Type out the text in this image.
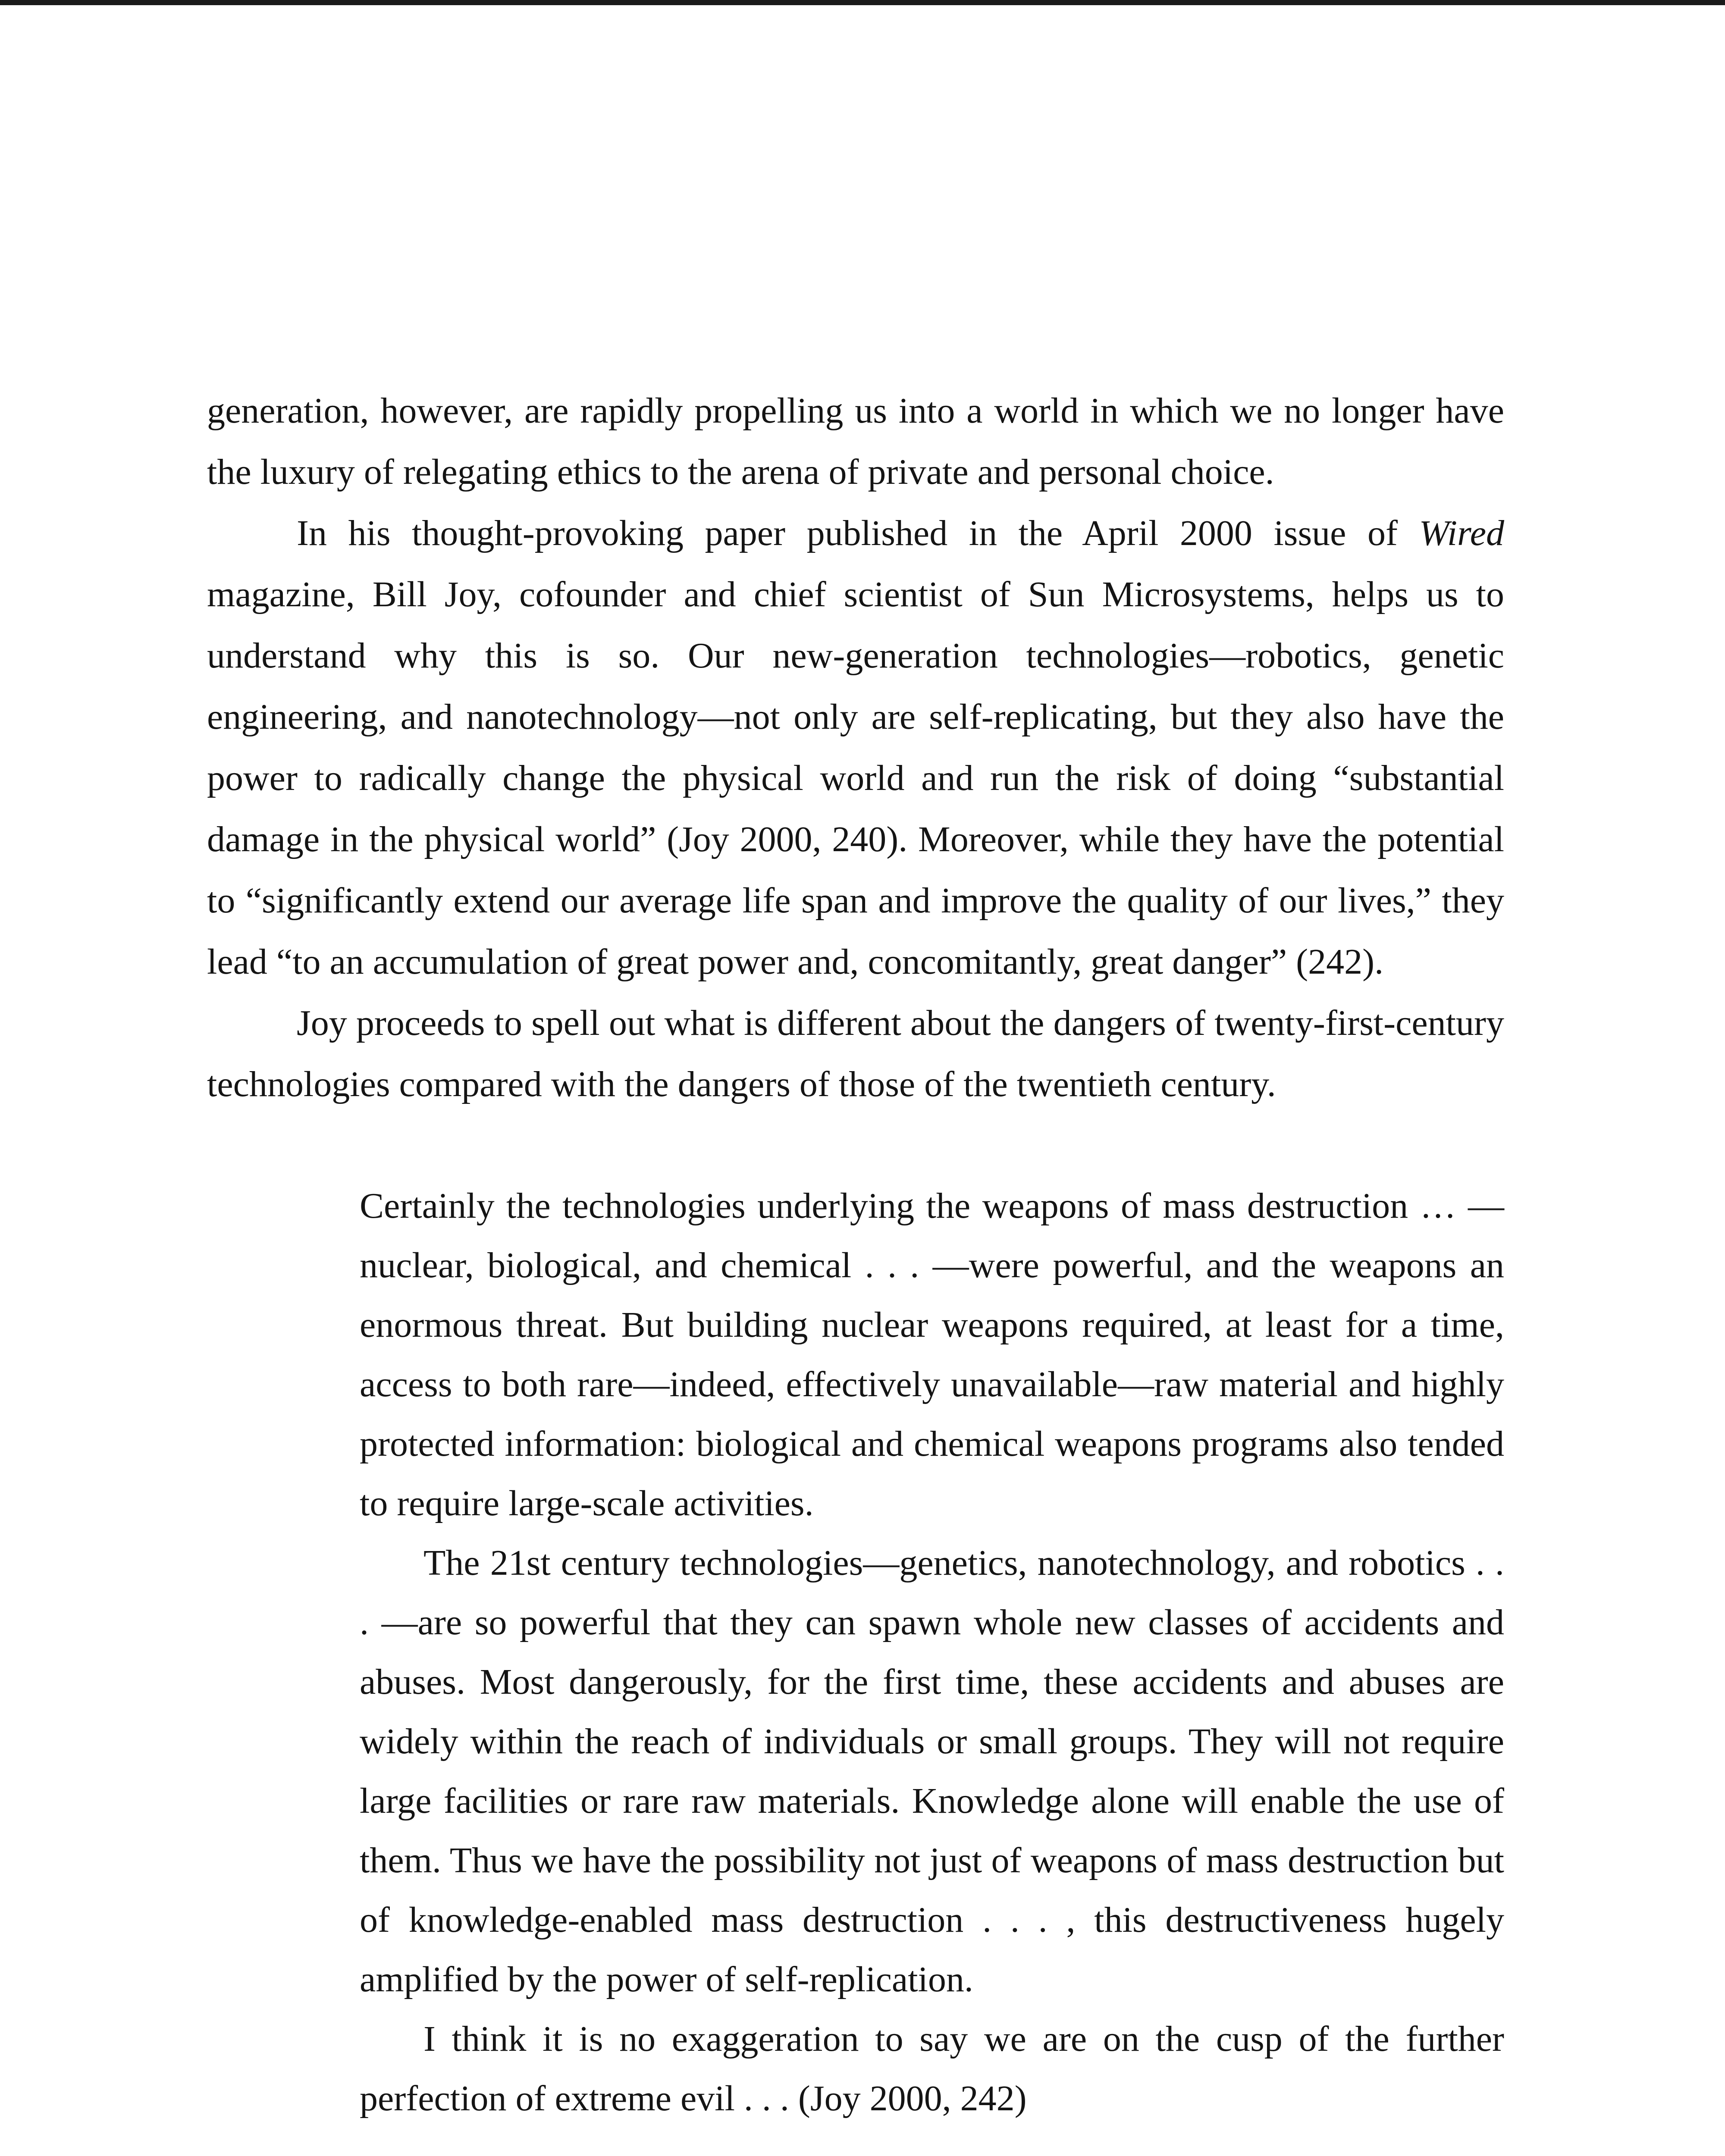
generation, however, are rapidly propelling us into a world in which we no longer have the luxury of relegating ethics to the arena of private and personal choice.

In his thought-provoking paper published in the April 2000 issue of Wired magazine, Bill Joy, cofounder and chief scientist of Sun Microsystems, helps us to understand why this is so. Our new-generation technologies—robotics, genetic engineering, and nanotechnology—not only are self-replicating, but they also have the power to radically change the physical world and run the risk of doing “substantial damage in the physical world” (Joy 2000, 240). Moreover, while they have the potential to “significantly extend our average life span and improve the quality of our lives,” they lead “to an accumulation of great power and, concomitantly, great danger” (242).

Joy proceeds to spell out what is different about the dangers of twenty-first-century technologies compared with the dangers of those of the twentieth century.

Certainly the technologies underlying the weapons of mass destruction … —nuclear, biological, and chemical . . . —were powerful, and the weapons an enormous threat. But building nuclear weapons required, at least for a time, access to both rare—indeed, effectively unavailable—raw material and highly protected information: biological and chemical weapons programs also tended to require large-scale activities.

The 21st century technologies—genetics, nanotechnology, and robotics . . . —are so powerful that they can spawn whole new classes of accidents and abuses. Most dangerously, for the first time, these accidents and abuses are widely within the reach of individuals or small groups. They will not require large facilities or rare raw materials. Knowledge alone will enable the use of them. Thus we have the possibility not just of weapons of mass destruction but of knowledge-enabled mass destruction . . . , this destructiveness hugely amplified by the power of self-replication.

I think it is no exaggeration to say we are on the cusp of the further perfection of extreme evil . . . (Joy 2000, 242)
